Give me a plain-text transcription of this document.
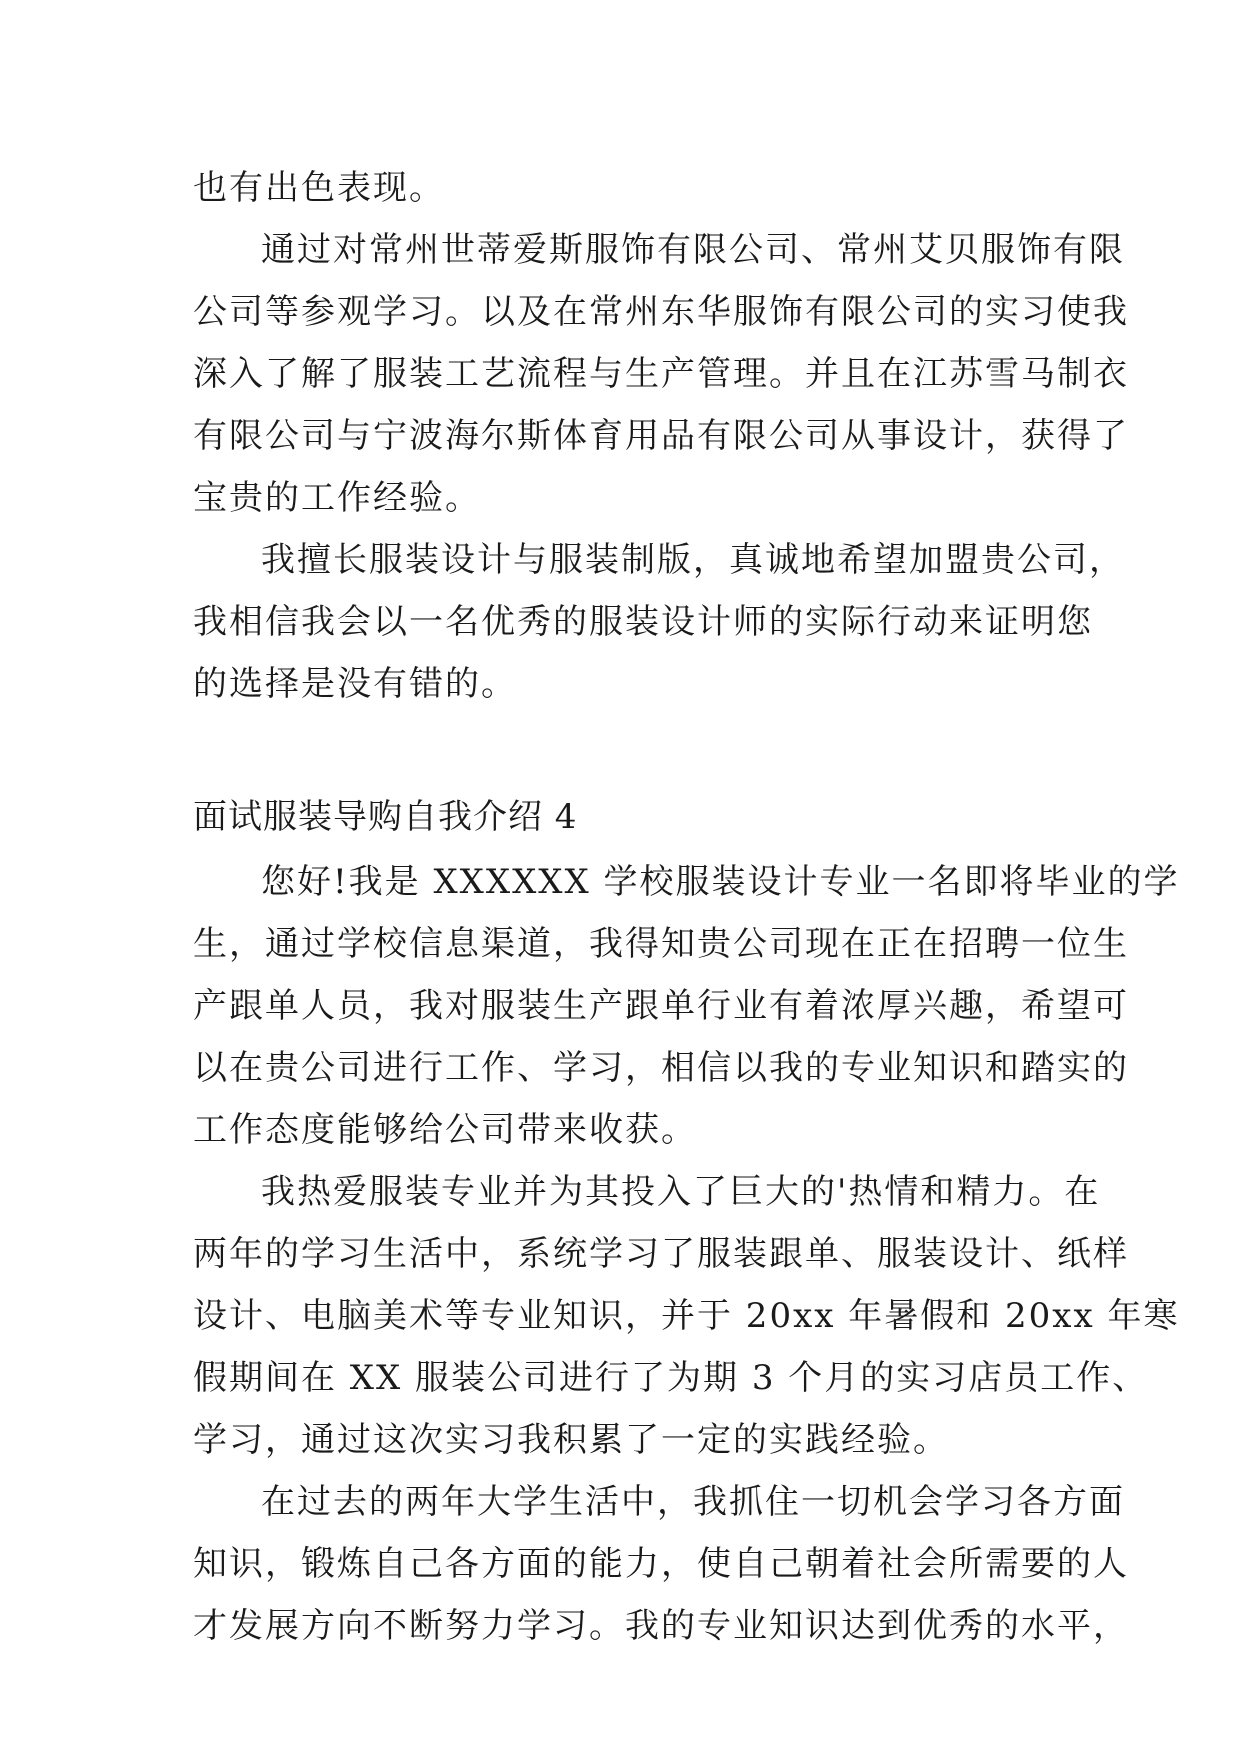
也有出色表现。
通过对常州世蒂爱斯服饰有限公司、常州艾贝服饰有限
公司等参观学习。以及在常州东华服饰有限公司的实习使我
深入了解了服装工艺流程与生产管理。并且在江苏雪马制衣
有限公司与宁波海尔斯体育用品有限公司从事设计，获得了
宝贵的工作经验。
我擅长服装设计与服装制版，真诚地希望加盟贵公司，
我相信我会以一名优秀的服装设计师的实际行动来证明您
的选择是没有错的。
面试服装导购自我介绍 4
您好!我是 XXXXXX 学校服装设计专业一名即将毕业的学
生，通过学校信息渠道，我得知贵公司现在正在招聘一位生
产跟单人员，我对服装生产跟单行业有着浓厚兴趣，希望可
以在贵公司进行工作、学习，相信以我的专业知识和踏实的
工作态度能够给公司带来收获。
我热爱服装专业并为其投入了巨大的'热情和精力。在
两年的学习生活中，系统学习了服装跟单、服装设计、纸样
设计、电脑美术等专业知识，并于 20xx 年暑假和 20xx 年寒
假期间在 XX 服装公司进行了为期 3 个月的实习店员工作、
学习，通过这次实习我积累了一定的实践经验。
在过去的两年大学生活中，我抓住一切机会学习各方面
知识，锻炼自己各方面的能力，使自己朝着社会所需要的人
才发展方向不断努力学习。我的专业知识达到优秀的水平，
